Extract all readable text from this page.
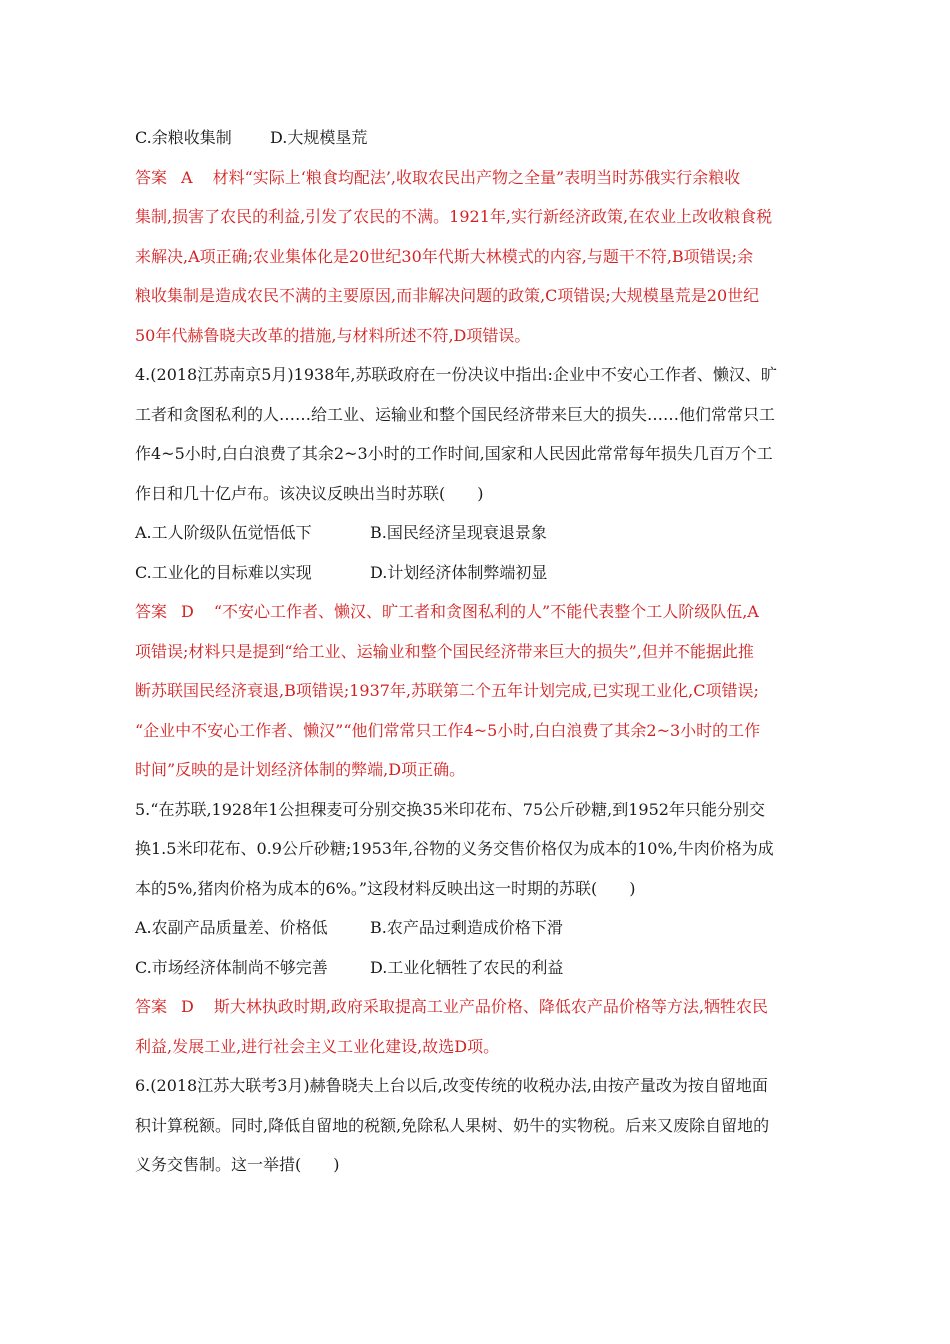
C.余粮收集制 D.大规模垦荒
答案 A 材料“实际上‘粮食均配法’,收取农民出产物之全量”表明当时苏俄实行余粮收
集制,损害了农民的利益,引发了农民的不满。1921年,实行新经济政策,在农业上改收粮食税
来解决,A项正确;农业集体化是20世纪30年代斯大林模式的内容,与题干不符,B项错误;余
粮收集制是造成农民不满的主要原因,而非解决问题的政策,C项错误;大规模垦荒是20世纪
50年代赫鲁晓夫改革的措施,与材料所述不符,D项错误。
4.(2018江苏南京5月)1938年,苏联政府在一份决议中指出:企业中不安心工作者、懒汉、旷
工者和贪图私利的人……给工业、运输业和整个国民经济带来巨大的损失……他们常常只工
作4~5小时,白白浪费了其余2~3小时的工作时间,国家和人民因此常常每年损失几百万个工
作日和几十亿卢布。该决议反映出当时苏联(　　)
A.工人阶级队伍觉悟低下	B.国民经济呈现衰退景象
C.工业化的目标难以实现	D.计划经济体制弊端初显
答案 D “不安心工作者、懒汉、旷工者和贪图私利的人”不能代表整个工人阶级队伍,A
项错误;材料只是提到“给工业、运输业和整个国民经济带来巨大的损失”,但并不能据此推
断苏联国民经济衰退,B项错误;1937年,苏联第二个五年计划完成,已实现工业化,C项错误;
“企业中不安心工作者、懒汉”“他们常常只工作4~5小时,白白浪费了其余2~3小时的工作
时间”反映的是计划经济体制的弊端,D项正确。
5.“在苏联,1928年1公担稞麦可分别交换35米印花布、75公斤砂糖,到1952年只能分别交
换1.5米印花布、0.9公斤砂糖;1953年,谷物的义务交售价格仅为成本的10%,牛肉价格为成
本的5%,猪肉价格为成本的6%。”这段材料反映出这一时期的苏联(　　)
A.农副产品质量差、价格低	B.农产品过剩造成价格下滑
C.市场经济体制尚不够完善	D.工业化牺牲了农民的利益
答案 D 斯大林执政时期,政府采取提高工业产品价格、降低农产品价格等方法,牺牲农民
利益,发展工业,进行社会主义工业化建设,故选D项。
6.(2018江苏大联考3月)赫鲁晓夫上台以后,改变传统的收税办法,由按产量改为按自留地面
积计算税额。同时,降低自留地的税额,免除私人果树、奶牛的实物税。后来又废除自留地的
义务交售制。这一举措(　　)
